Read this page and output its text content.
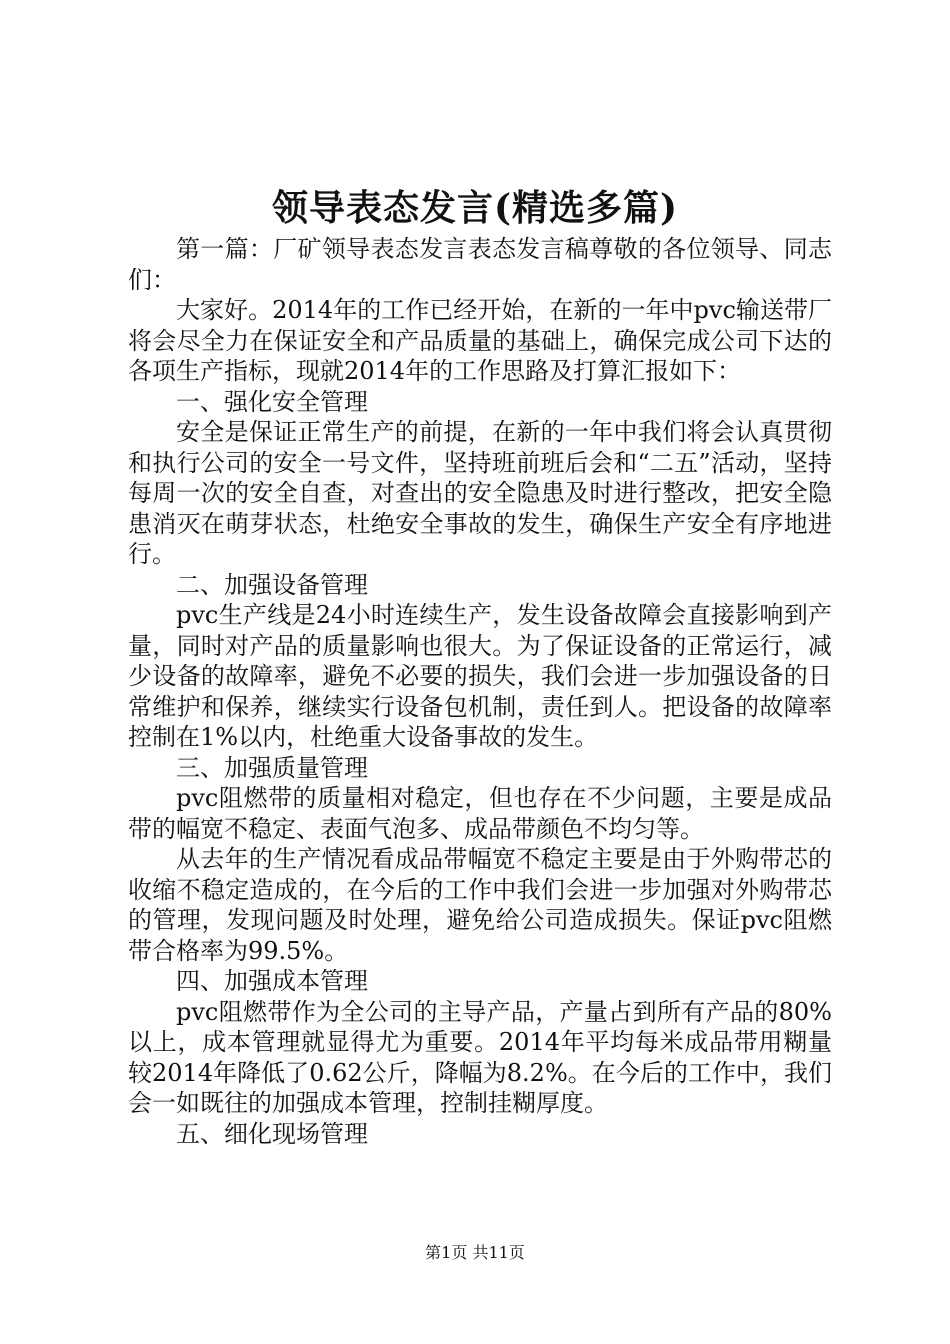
领导表态发言(精选多篇)

第一篇：厂矿领导表态发言表态发言稿尊敬的各位领导、同志们：

大家好。2014年的工作已经开始，在新的一年中pvc输送带厂将会尽全力在保证安全和产品质量的基础上，确保完成公司下达的各项生产指标，现就2014年的工作思路及打算汇报如下：

一、强化安全管理

安全是保证正常生产的前提，在新的一年中我们将会认真贯彻和执行公司的安全一号文件，坚持班前班后会和“二五”活动，坚持每周一次的安全自查，对查出的安全隐患及时进行整改，把安全隐患消灭在萌芽状态，杜绝安全事故的发生，确保生产安全有序地进行。

二、加强设备管理

pvc生产线是24小时连续生产，发生设备故障会直接影响到产量，同时对产品的质量影响也很大。为了保证设备的正常运行，减少设备的故障率，避免不必要的损失，我们会进一步加强设备的日常维护和保养，继续实行设备包机制，责任到人。把设备的故障率控制在1%以内，杜绝重大设备事故的发生。

三、加强质量管理

pvc阻燃带的质量相对稳定，但也存在不少问题，主要是成品带的幅宽不稳定、表面气泡多、成品带颜色不均匀等。

从去年的生产情况看成品带幅宽不稳定主要是由于外购带芯的收缩不稳定造成的，在今后的工作中我们会进一步加强对外购带芯的管理，发现问题及时处理，避免给公司造成损失。保证pvc阻燃带合格率为99.5%。

四、加强成本管理

pvc阻燃带作为全公司的主导产品，产量占到所有产品的80%以上，成本管理就显得尤为重要。2014年平均每米成品带用糊量较2014年降低了0.62公斤，降幅为8.2%。在今后的工作中，我们会一如既往的加强成本管理，控制挂糊厚度。

五、细化现场管理

第1页 共11页
